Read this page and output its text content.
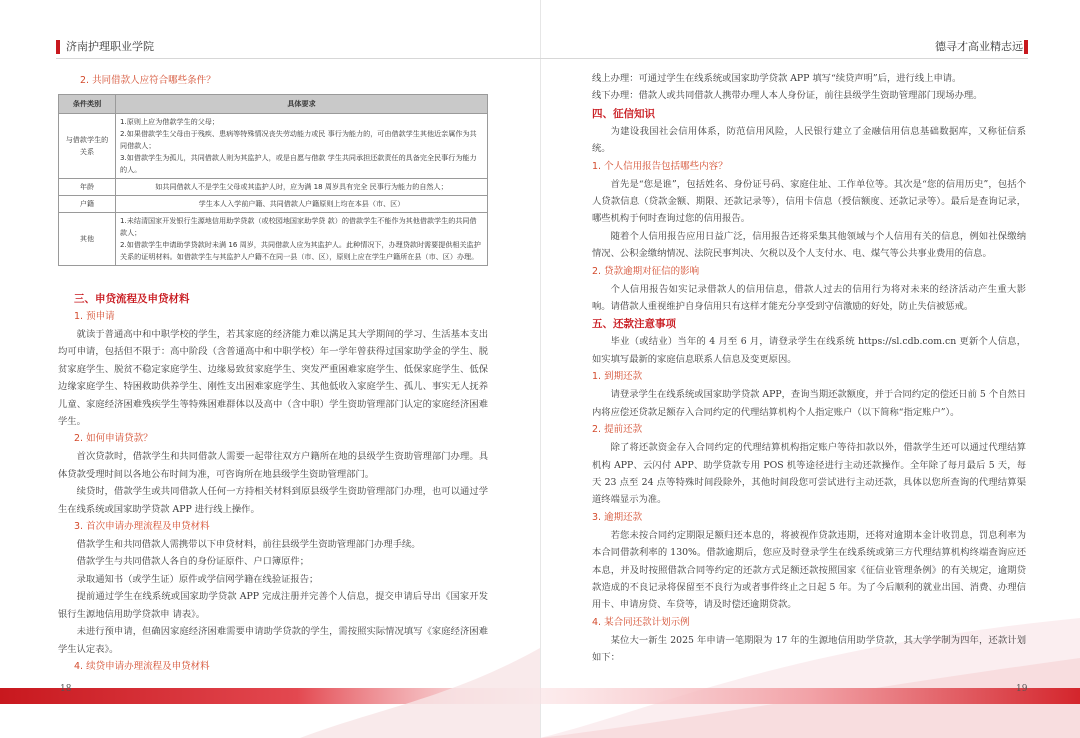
济南护理职业学院
2. 共同借款人应符合哪些条件？
条件类别	具体要求
与借款学生的关系	1.原则上应为借款学生的父母；
2.如果借款学生父母由于残疾、患病等特殊情况丧失劳动能力或民 事行为能力的，可由借款学生其他近亲属作为共同借款人；
3.如借款学生为孤儿，共同借款人则为其监护人，或是自愿与借款 学生共同承担还款责任的具备完全民事行为能力的人。

年龄	如共同借款人不是学生父母或其监护人时，应为满 18 周岁具有完全 民事行为能力的自然人；
户籍	学生本人入学前户籍、共同借款人户籍原则上均在本县（市、区）
其他	1.未结清国家开发银行生源地信用助学贷款（或校园地国家助学贷 款）的借款学生不能作为其他借款学生的共同借款人；
2.如借款学生申请助学贷款时未满 16 周岁，共同借款人应为其监护人。此种情况下，办理贷款时需要提供相关监护关系的证明材料。如借款学生与其监护人户籍不在同一县（市、区），原则上应在学生户籍所在县（市、区）办理。
三、申贷流程及申贷材料
1. 预申请

就读于普通高中和中职学校的学生，若其家庭的经济能力难以满足其大学期间的学习、生活基本支出均可申请，包括但不限于：高中阶段（含普通高中和中职学校）年一学年曾获得过国家助学金的学生、脱贫家庭学生、脱贫不稳定家庭学生、边缘易致贫家庭学生、突发严重困难家庭学生、低保家庭学生、低保边缘家庭学生、特困救助供养学生、刚性支出困难家庭学生、其他低收入家庭学生、孤儿、事实无人抚养儿童、家庭经济困难残疾学生等特殊困难群体以及高中（含中职）学生资助管理部门认定的家庭经济困难学生。

2. 如何申请贷款？

首次贷款时，借款学生和共同借款人需要一起带往双方户籍所在地的县级学生资助管理部门办理。具体贷款受理时间以各地公布时间为准，可咨询所在地县级学生资助管理部门。

续贷时，借款学生或共同借款人任何一方持相关材料到原县级学生资助管理部门办理，也可以通过学生在线系统或国家助学贷款 APP 进行线上操作。

3. 首次申请办理流程及申贷材料

借款学生和共同借款人需携带以下申贷材料，前往县级学生资助管理部门办理手续。

借款学生与共同借款人各自的身份证原件、户口簿原件；

录取通知书（或学生证）原件或学信网学籍在线验证报告；

提前通过学生在线系统或国家助学贷款 APP 完成注册并完善个人信息，提交申请后导出《国家开发银行生源地信用助学贷款申 请表》。

未进行预申请，但确因家庭经济困难需要申请助学贷款的学生，需按照实际情况填写《家庭经济困难学生认定表》。

4. 续贷申请办理流程及申贷材料
18
德寻才高业精志远

线上办理：可通过学生在线系统或国家助学贷款 APP 填写“续贷声明”后，进行线上申请。

线下办理：借款人或共同借款人携带办理人本人身份证，前往县级学生资助管理部门现场办理。

四、征信知识

为建设我国社会信用体系，防范信用风险，人民银行建立了金融信用信息基础数据库，又称征信系统。

1. 个人信用报告包括哪些内容？

首先是“您是谁”，包括姓名、身份证号码、家庭住址、工作单位等。其次是“您的信用历史”，包括个人贷款信息（贷款金额、期限、还款记录等），信用卡信息（授信额度、还款记录等）。最后是查询记录，哪些机构于何时查询过您的信用报告。

随着个人信用报告应用日益广泛，信用报告还将采集其他领域与个人信用有关的信息，例如社保缴纳情况、公积金缴纳情况、法院民事判决、欠税以及个人支付水、电、煤气等公共事业费用的信息。

2. 贷款逾期对征信的影响

个人信用报告如实记录借款人的信用信息，借款人过去的信用行为将对未来的经济活动产生重大影响。请借款人重视维护自身信用只有这样才能充分享受到守信激励的好处，防止失信被惩戒。

五、还款注意事项

毕业（或结业）当年的 4 月至 6 月，请登录学生在线系统 https://sl.cdb.com.cn 更新个人信息，如实填写最新的家庭信息联系人信息及变更原因。

1. 到期还款

请登录学生在线系统或国家助学贷款 APP，查询当期还款额度，并于合同约定的偿还日前 5 个自然日内将应偿还贷款足额存入合同约定的代理结算机构个人指定账户（以下简称“指定账户”）。

2. 提前还款

除了将还款资金存入合同约定的代理结算机构指定账户等待扣款以外，借款学生还可以通过代理结算机构 APP、云闪付 APP、助学贷款专用 POS 机等途径进行主动还款操作。全年除了每月最后 5 天，每天 23 点至 24 点等特殊时间段除外，其他时间段您可尝试进行主动还款，具体以您所查询的代理结算渠道终端显示为准。

3. 逾期还款

若您未按合同约定期限足额归还本息的，将被视作贷款违期，还将对逾期本金计收罚息，罚息利率为本合同借款利率的 130%。借款逾期后，您应及时登录学生在线系统或第三方代理结算机构终端查询应还本息，并及时按照借款合同等约定的还款方式足额还款按照国家《征信业管理条例》的有关规定，逾期贷款造成的不良记录将保留至不良行为或者事件终止之日起 5 年。为了今后顺利的就业出国、消费、办理信用卡、申请房贷、车贷等，请及时偿还逾期贷款。

4. 某合同还款计划示例

某位大一新生 2025 年申请一笔期限为 17 年的生源地信用助学贷款，其大学学制为四年，还款计划如下：

19
